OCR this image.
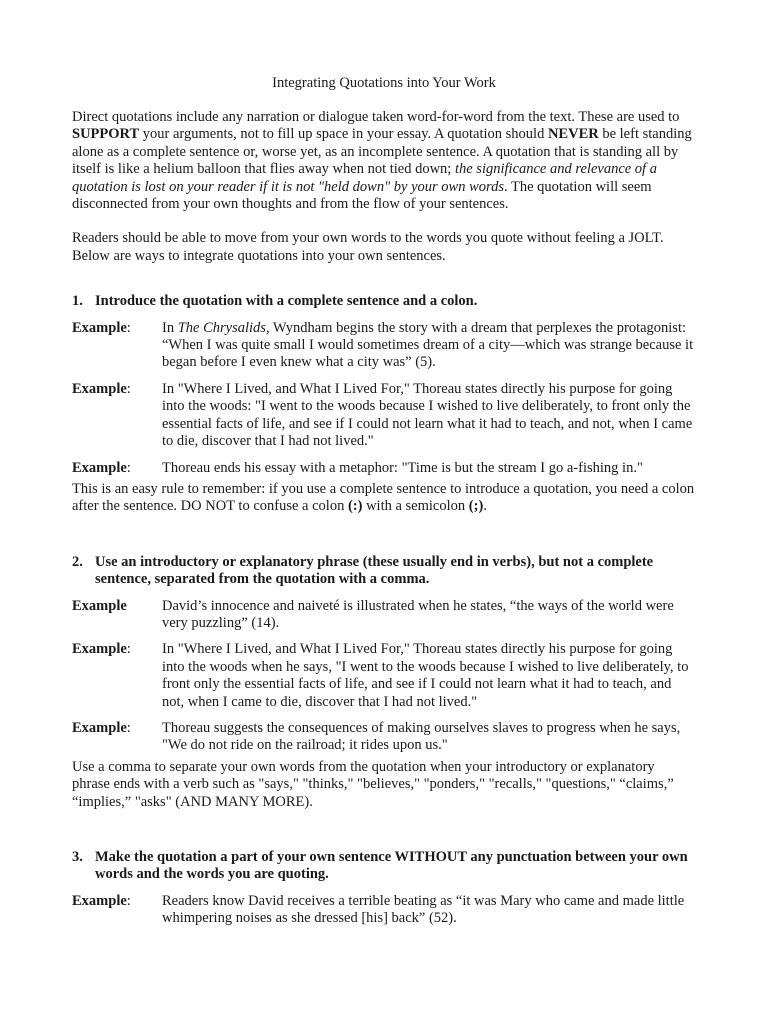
Integrating Quotations into Your Work

Direct quotations include any narration or dialogue taken word-for-word from the text. These are used to SUPPORT your arguments, not to fill up space in your essay. A quotation should NEVER be left standing alone as a complete sentence or, worse yet, as an incomplete sentence. A quotation that is standing all by itself is like a helium balloon that flies away when not tied down; the significance and relevance of a quotation is lost on your reader if it is not "held down" by your own words. The quotation will seem disconnected from your own thoughts and from the flow of your sentences.

Readers should be able to move from your own words to the words you quote without feeling a JOLT. Below are ways to integrate quotations into your own sentences.

1. Introduce the quotation with a complete sentence and a colon.
Example:	In The Chrysalids, Wyndham begins the story with a dream that perplexes the protagonist: “When I was quite small I would sometimes dream of a city—which was strange because it began before I even knew what a city was” (5).
Example:	In "Where I Lived, and What I Lived For," Thoreau states directly his purpose for going into the woods: "I went to the woods because I wished to live deliberately, to front only the essential facts of life, and see if I could not learn what it had to teach, and not, when I came to die, discover that I had not lived."
Example:	Thoreau ends his essay with a metaphor: "Time is but the stream I go a-fishing in."

This is an easy rule to remember: if you use a complete sentence to introduce a quotation, you need a colon after the sentence. DO NOT to confuse a colon (:) with a semicolon (;).

2. Use an introductory or explanatory phrase (these usually end in verbs), but not a complete sentence, separated from the quotation with a comma.
Example	David’s innocence and naiveté is illustrated when he states, “the ways of the world were very puzzling” (14).
Example:	In "Where I Lived, and What I Lived For," Thoreau states directly his purpose for going into the woods when he says, "I went to the woods because I wished to live deliberately, to front only the essential facts of life, and see if I could not learn what it had to teach, and not, when I came to die, discover that I had not lived."
Example:	Thoreau suggests the consequences of making ourselves slaves to progress when he says, "We do not ride on the railroad; it rides upon us."

Use a comma to separate your own words from the quotation when your introductory or explanatory phrase ends with a verb such as "says," "thinks," "believes," "ponders," "recalls," "questions," “claims,” “implies,” "asks" (AND MANY MORE).

3. Make the quotation a part of your own sentence WITHOUT any punctuation between your own words and the words you are quoting.
Example:	Readers know David receives a terrible beating as “it was Mary who came and made little whimpering noises as she dressed [his] back” (52).
